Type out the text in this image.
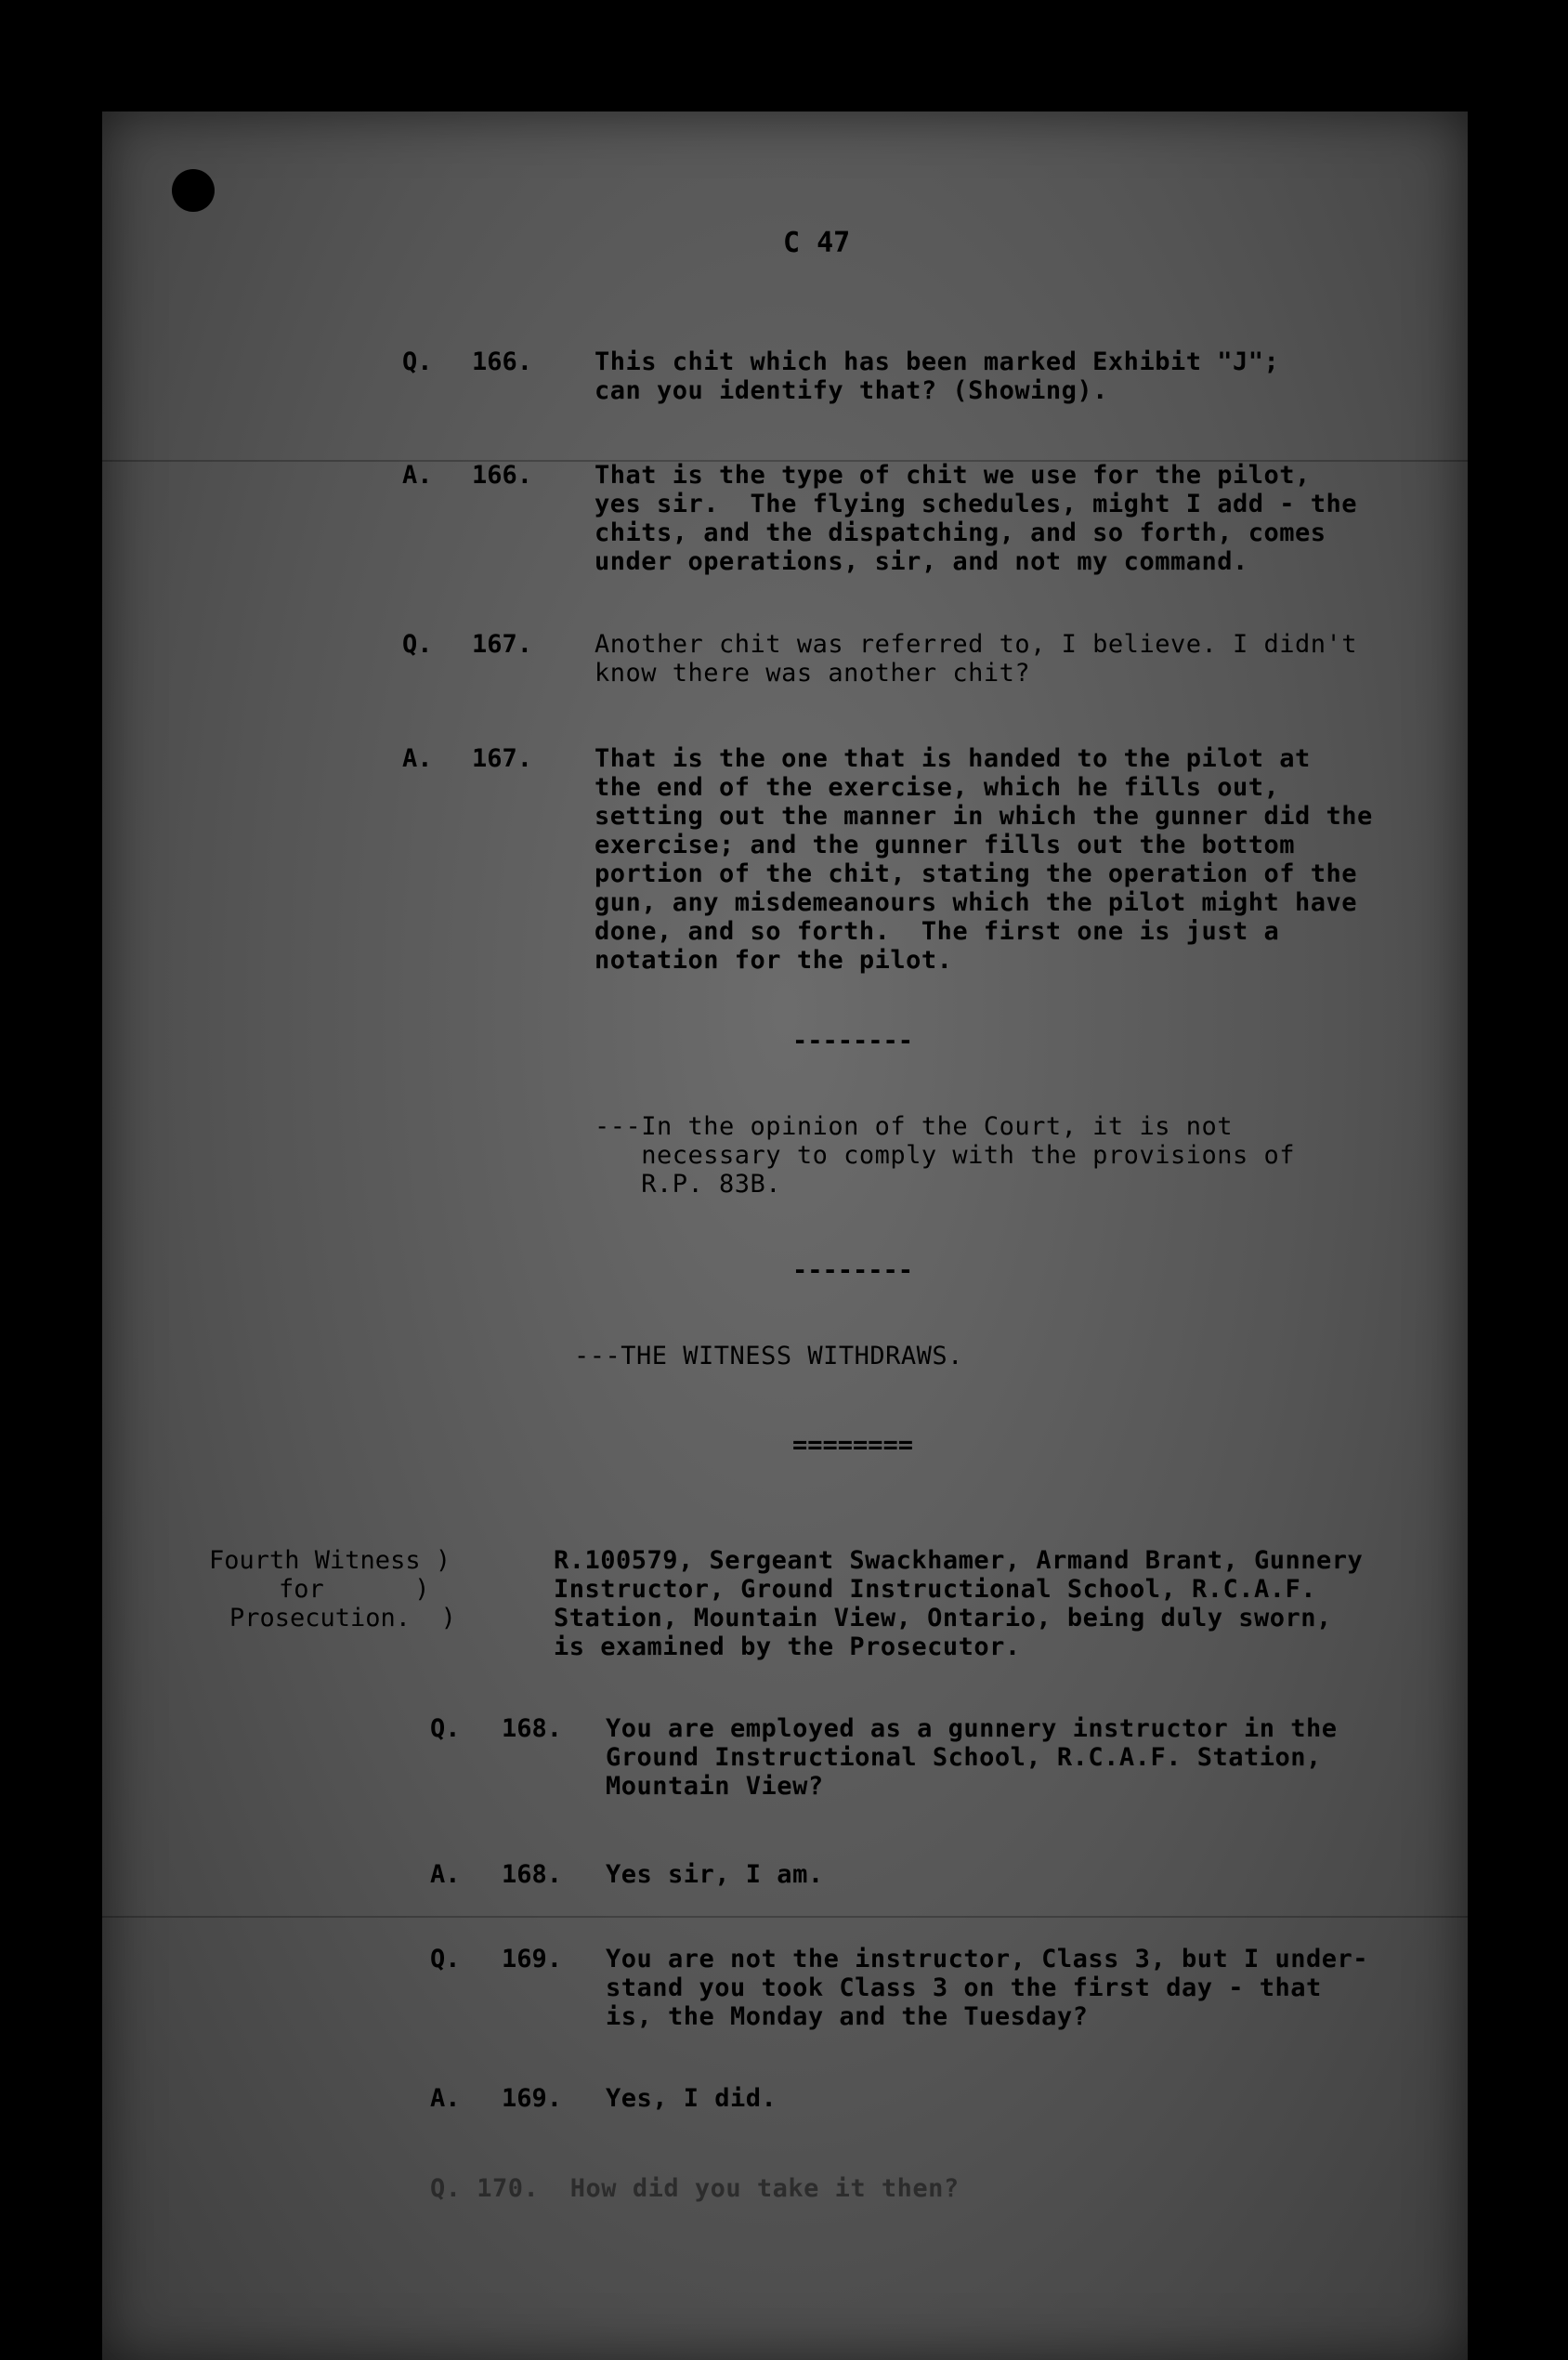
C 47
Q. 166. This chit which has been marked Exhibit "J";
can you identify that? (Showing).
A. 166. That is the type of chit we use for the pilot,
yes sir.  The flying schedules, might I add - the
chits, and the dispatching, and so forth, comes
under operations, sir, and not my command.
Q. 167. Another chit was referred to, I believe. I didn't
know there was another chit?
A. 167. That is the one that is handed to the pilot at
the end of the exercise, which he fills out,
setting out the manner in which the gunner did the
exercise; and the gunner fills out the bottom
portion of the chit, stating the operation of the
gun, any misdemeanours which the pilot might have
done, and so forth.  The first one is just a
notation for the pilot.
--------
---In the opinion of the Court, it is not
necessary to comply with the provisions of
R.P. 83B.
--------
---THE WITNESS WITHDRAWS.
========
Fourth Witness )
for      )
Prosecution.  )
R.100579, Sergeant Swackhamer, Armand Brant, Gunnery
Instructor, Ground Instructional School, R.C.A.F.
Station, Mountain View, Ontario, being duly sworn,
is examined by the Prosecutor.
Q. 168. You are employed as a gunnery instructor in the
Ground Instructional School, R.C.A.F. Station,
Mountain View?
A. 168. Yes sir, I am.
Q. 169. You are not the instructor, Class 3, but I under-
stand you took Class 3 on the first day - that
is, the Monday and the Tuesday?
A. 169. Yes, I did.
Q. 170.  How did you take it then?
